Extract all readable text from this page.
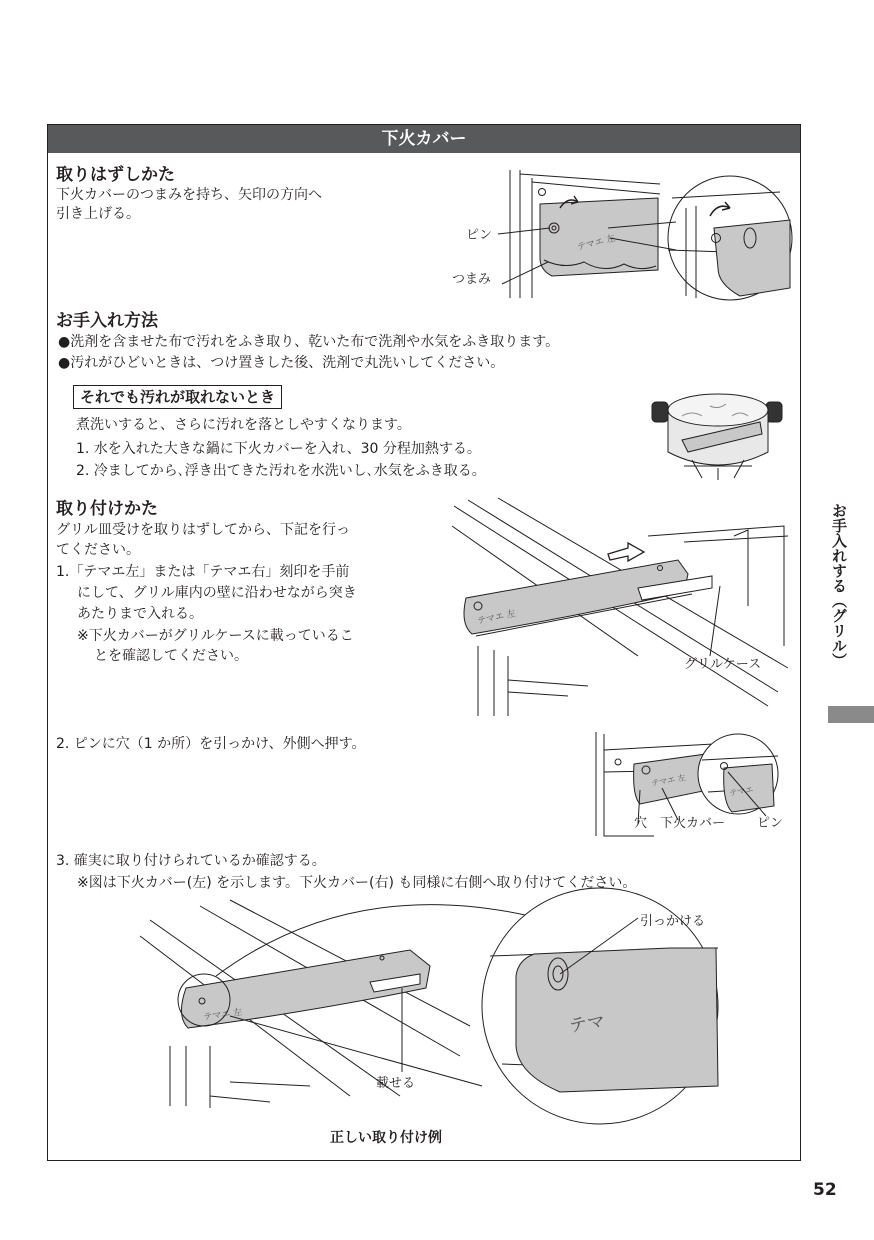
下火カバー
取りはずしかた
下火カバーのつまみを持ち、矢印の方向へ
引き上げる。
テマエ 左
ピン
つまみ
お手入れ方法
●洗剤を含ませた布で汚れをふき取り、乾いた布で洗剤や水気をふき取ります。
●汚れがひどいときは、つけ置きした後、洗剤で丸洗いしてください。
それでも汚れが取れないとき
煮洗いすると、さらに汚れを落としやすくなります。
1. 水を入れた大きな鍋に下火カバーを入れ、30 分程加熱する。
2. 冷ましてから､浮き出てきた汚れを水洗いし､水気をふき取る。
取り付けかた
グリル皿受けを取りはずしてから、下記を行っ
てください。
1.「テマエ左」または「テマエ右」刻印を手前
にして、グリル庫内の壁に沿わせながら突き
あたりまで入れる。
※下火カバーがグリルケースに載っているこ
とを確認してください。
テマエ 左
グリルケース
2. ピンに穴（1 か所）を引っかけ、外側へ押す。
テマエ 左
テマエ
穴 下火カバー ピン
3. 確実に取り付けられているか確認する。
※図は下火カバー(左) を示します。下火カバー(右) も同様に右側へ取り付けてください。
テマエ 左	テマ
引っかける
載せる
正しい取り付け例
お手入れする（グリル）
52
